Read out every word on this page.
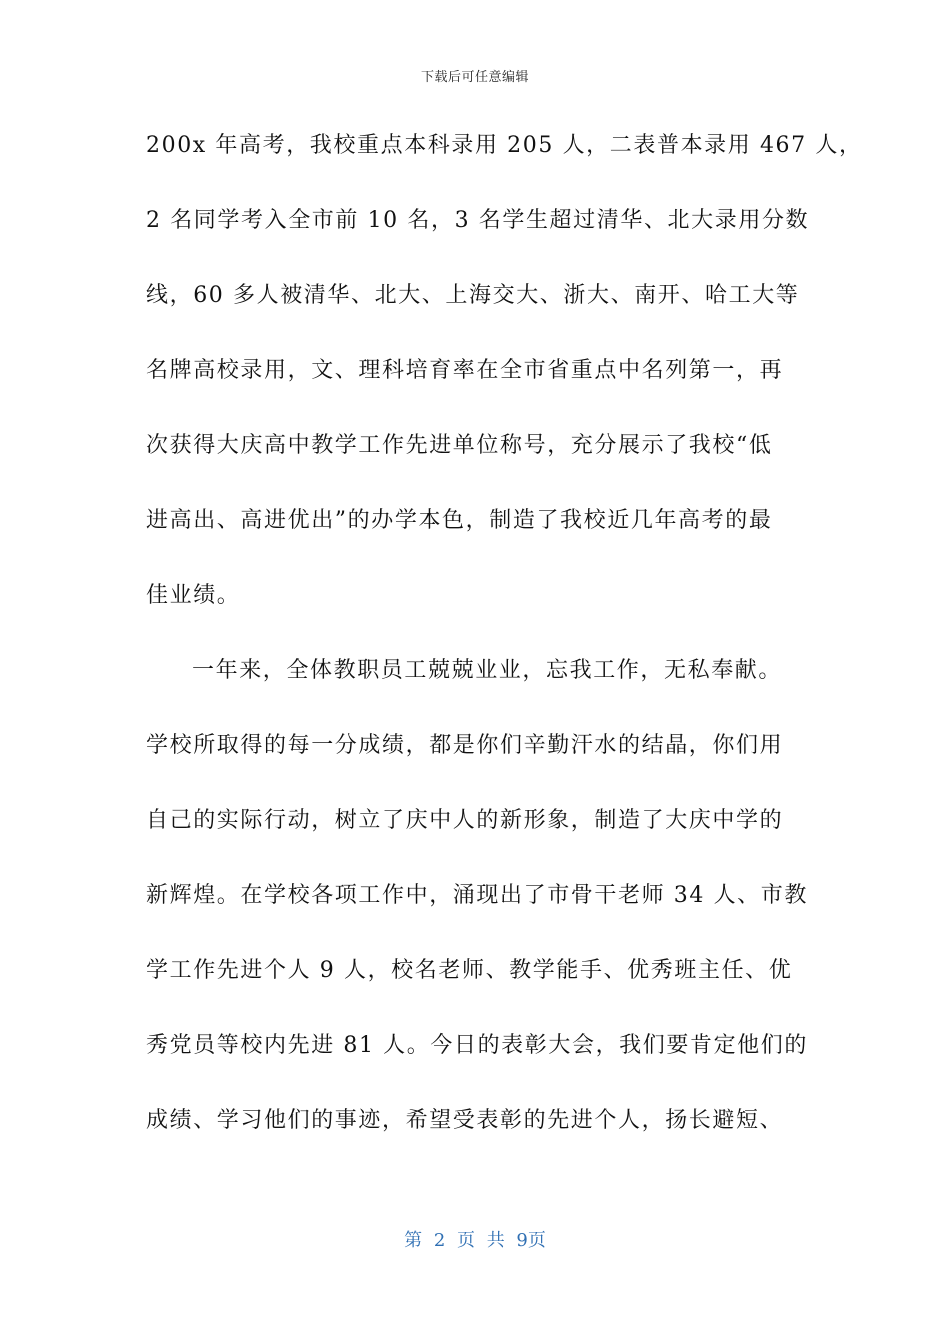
下载后可任意编辑
200x 年高考，我校重点本科录用 205 人，二表普本录用 467 人，
2 名同学考入全市前 10 名，3 名学生超过清华、北大录用分数
线，60 多人被清华、北大、上海交大、浙大、南开、哈工大等
名牌高校录用，文、理科培育率在全市省重点中名列第一，再
次获得大庆高中教学工作先进单位称号，充分展示了我校“低
进高出、高进优出”的办学本色，制造了我校近几年高考的最
佳业绩。
一年来，全体教职员工兢兢业业，忘我工作，无私奉献。
学校所取得的每一分成绩，都是你们辛勤汗水的结晶，你们用
自己的实际行动，树立了庆中人的新形象，制造了大庆中学的
新辉煌。在学校各项工作中，涌现出了市骨干老师 34 人、市教
学工作先进个人 9 人，校名老师、教学能手、优秀班主任、优
秀党员等校内先进 81 人。今日的表彰大会，我们要肯定他们的
成绩、学习他们的事迹，希望受表彰的先进个人，扬长避短、
第 2 页 共 9页
